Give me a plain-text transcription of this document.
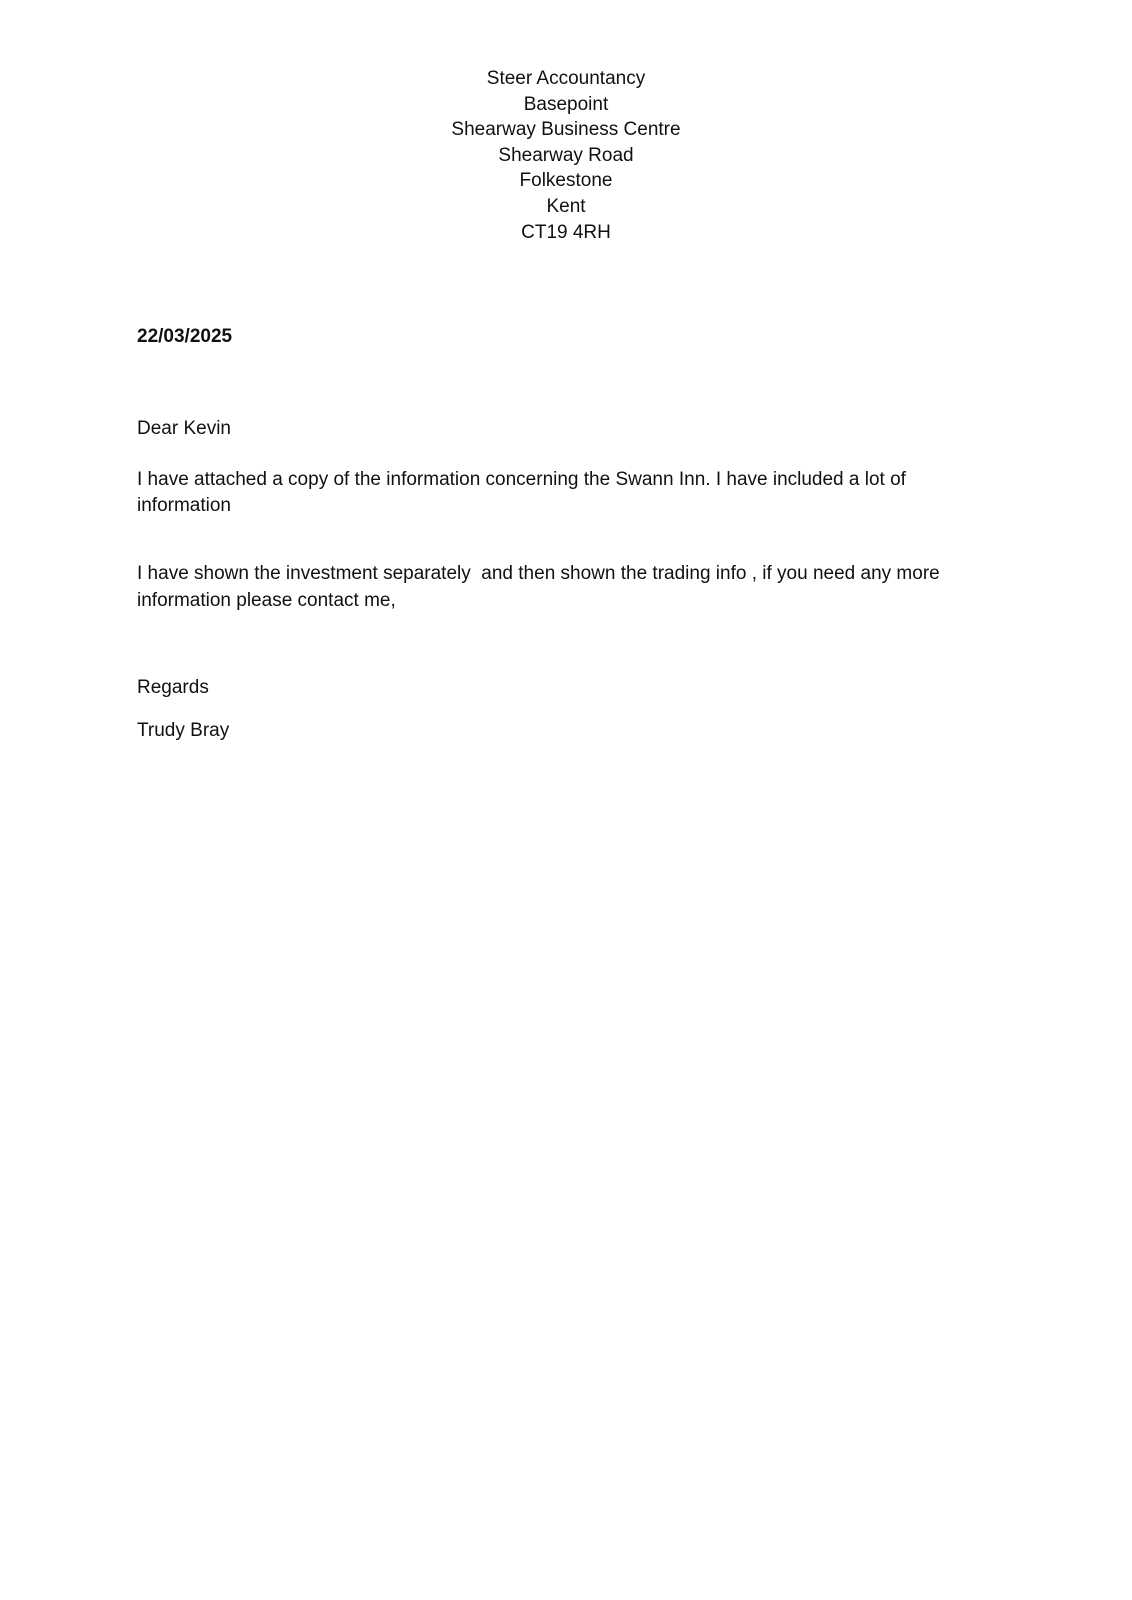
Steer Accountancy
Basepoint
Shearway Business Centre
Shearway Road
Folkestone
Kent
CT19 4RH

22/03/2025

Dear Kevin

I have attached a copy of the information concerning the Swann Inn. I have included a lot of information

I have shown the investment separately  and then shown the trading info , if you need any more information please contact me,

Regards

Trudy Bray
